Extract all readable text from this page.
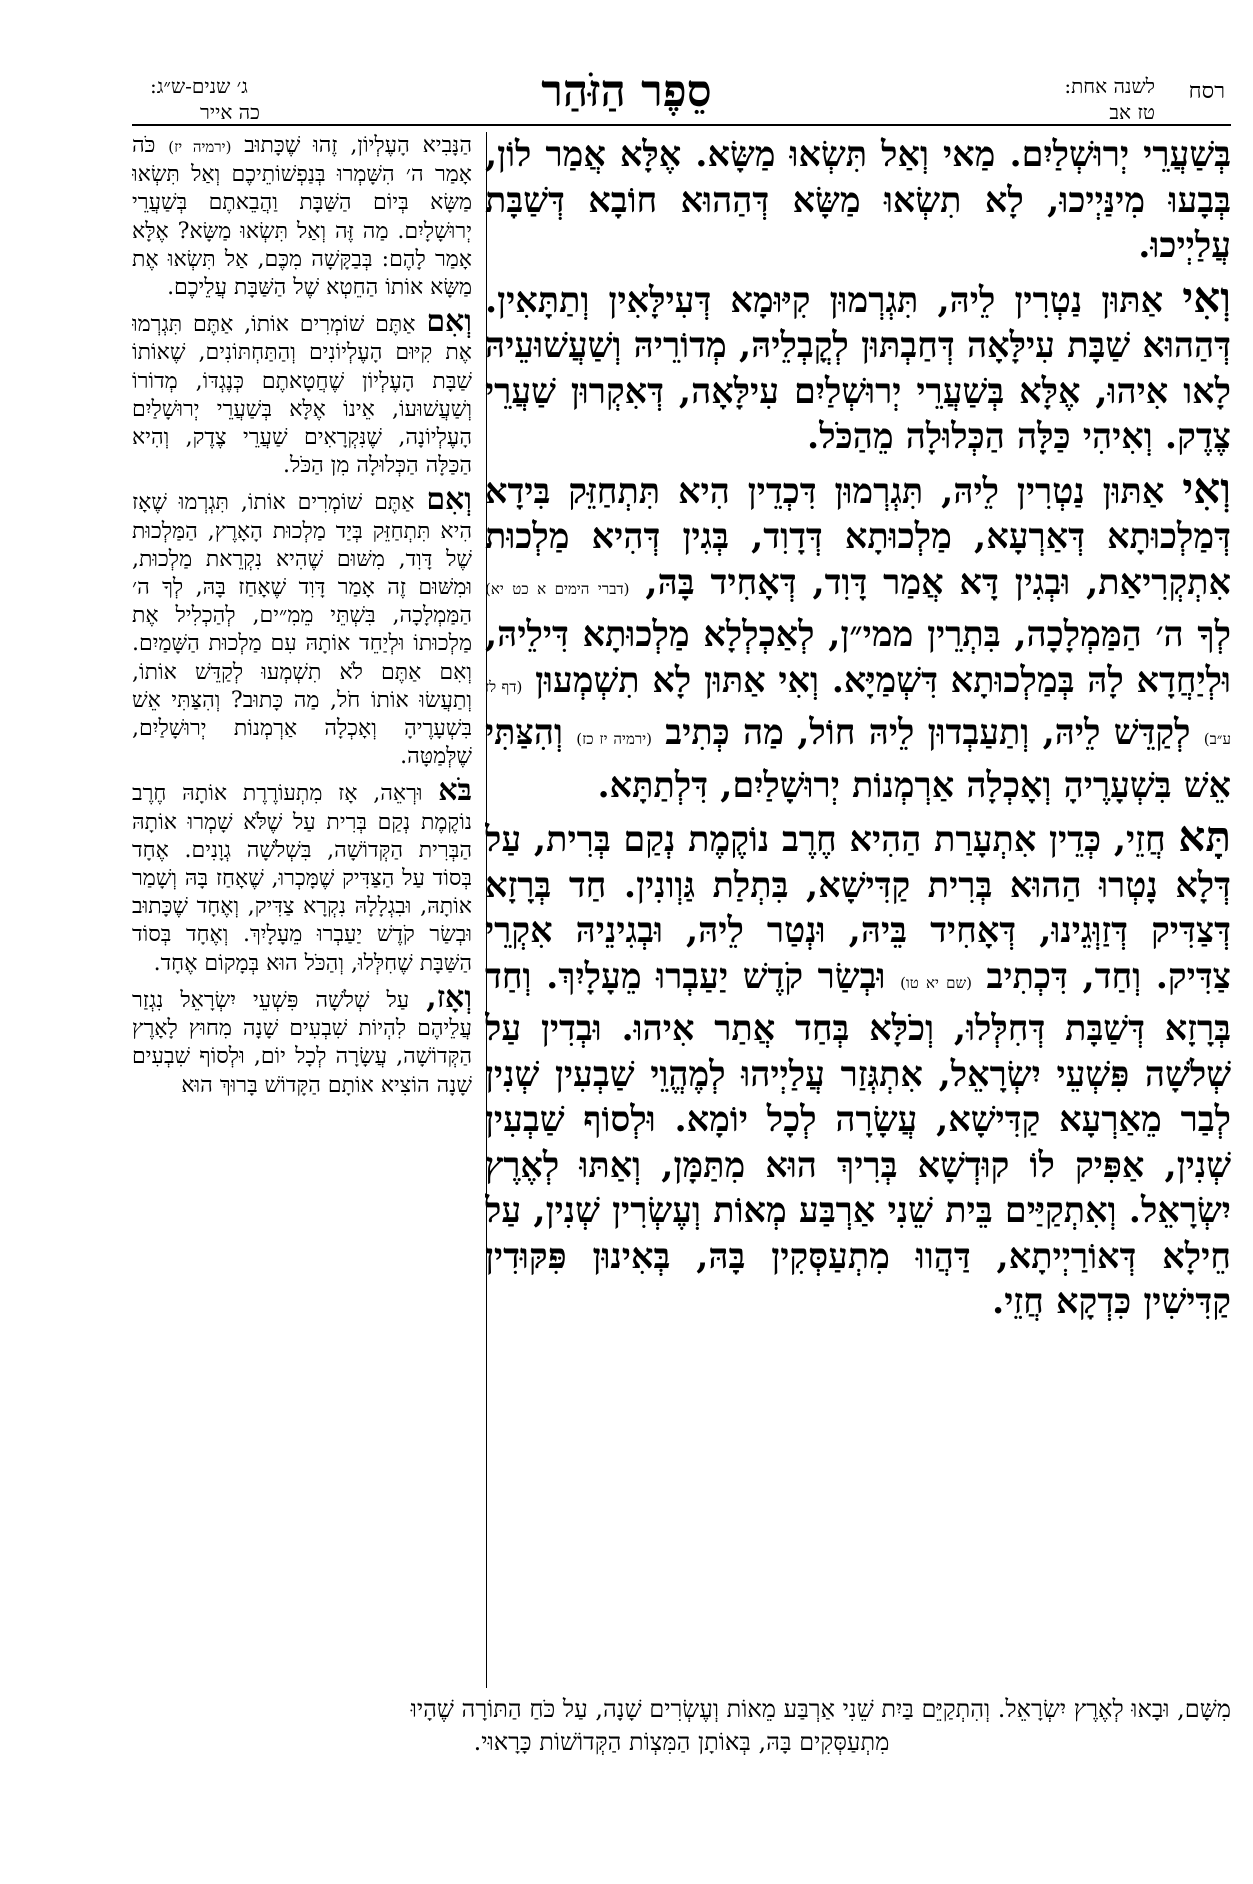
רסח
לשנה אחת:
טז אב
סֵפֶר הַזֹּהַר
ג׳ שנים-ש״ג:
כה אייר

בְּשַׁעֲרֵי יְרוּשְׁלַיִם. מַאי וְאַל תִּשְׂאוּ מַשָּׂא. אֶלָּא אֲמַר לוֹן, בְּבָעוּ מִינַּיְיכוּ, לָא תִשְׂאוּ מַשָּׂא דְּהַהוּא חוֹבָא דְּשַׁבָּת עֲלַיְיכוּ.

וְאִי אַתּוּן נַטְרִין לֵיהּ, תִּגְרְמוּן קִיּוּמָא דְּעִילָּאִין וְתַתָּאִין. דְּהַהוּא שַׁבָּת עִילָּאָה דְּחַבְתּוּן לְקֳבְלֵיהּ, מְדוֹרֵיהּ וְשַׁעֲשׁוּעֵיהּ לָאו אִיהוּ, אֶלָּא בְּשַׁעֲרֵי יְרוּשְׁלַיִם עִילָּאָה, דְּאִקְרוּן שַׁעֲרֵי צֶדֶק. וְאִיהִי כַּלָּה הַכְּלוּלָה מֵהַכֹּל.

וְאִי אַתּוּן נַטְרִין לֵיהּ, תִּגְרְמוּן דִּכְדֵין הִיא תִּתְחַזֵּק בִּידָא דְּמַלְכוּתָא דְּאַרְעָא, מַלְכוּתָא דְּדָוִד, בְּגִין דְּהִיא מַלְכוּת אִתְקְרִיאַת, וּבְגִין דָּא אֲמַר דָּוִד, דְּאָחִיד בָּהּ, (דברי הימים א כט יא) לְךָ ה׳ הַמַּמְלָכָה, בִּתְרֵין ממי״ן, לְאַכְלְלָא מַלְכוּתָא דִּילֵיהּ, וּלְיַחֲדָא לָהּ בְּמַלְכוּתָא דִּשְׁמַיָּא. וְאִי אַתּוּן לָא תִשְׁמְעוּן (דף לז ע״ב) לְקַדֵּשׁ לֵיהּ, וְתַעַבְדוּן לֵיהּ חוֹל, מַה כְּתִיב (ירמיה יז כז) וְהִצַּתִּי אֵשׁ בִּשְׁעָרֶיהָ וְאָכְלָה אַרְמְנוֹת יְרוּשָׁלַיִם, דִּלְתַתָּא.

תָּא חֲזֵי, כְּדֵין אִתְעָרַת הַהִיא חֶרֶב נוֹקֶמֶת נְקַם בְּרִית, עַל דְּלָא נָטְרוּ הַהוּא בְּרִית קַדִּישָׁא, בִּתְלַת גַּוְונִין. חַד בְּרָזָא דְּצַדִּיק דְּזַוְּגֵינוּ, דְּאָחִיד בֵּיהּ, וּנְטַר לֵיהּ, וּבְגִינֵיהּ אִקְרֵי צַדִּיק. וְחַד, דִּכְתִיב (שם יא טו) וּבְשַׂר קֹדֶשׁ יַעַבְרוּ מֵעָלָיִךְ. וְחַד בְּרָזָא דְּשַׁבָּת דְּחִלְּלוּ, וְכֹלָּא בְּחַד אֲתַר אִיהוּ. וּבְדִין עַל שְׁלֹשָׁה פִּשְׁעֵי יִשְׂרָאֵל, אִתְגְּזַר עֲלַיְיהוּ לְמֶהֱוֵי שַׁבְעִין שְׁנִין לְבַר מֵאַרְעָא קַדִּישָׁא, עֲשָׂרָה לְכָל יוֹמָא. וּלְסוֹף שַׁבְעִין שְׁנִין, אַפִּיק לוֹ קוּדְשָׁא בְּרִיךְ הוּא מִתַּמָּן, וְאַתּוּ לְאֶרֶץ יִשְׂרָאֵל. וְאִתְקַיַּים בֵּית שֵׁנִי אַרְבַּע מְאוֹת וְעֶשְׂרִין שְׁנִין, עַל חֵילָא דְּאוֹרַיְיתָא, דַּהֲווּ מִתְעַסְּקִין בָּהּ, בְּאִינוּן פִּקּוּדִין קַדִּישִׁין כִּדְקָא חֲזֵי.

הַנָּבִיא הָעֶלְיוֹן, זֶהוּ שֶׁכָּתוּב (ירמיה יז) כֹּה אָמַר ה׳ הִשָּׁמְרוּ בְּנַפְשׁוֹתֵיכֶם וְאַל תִּשְׂאוּ מַשָּׂא בְּיוֹם הַשַּׁבָּת וַהֲבֵאתֶם בְּשַׁעֲרֵי יְרוּשָׁלָיִם. מַה זֶּה וְאַל תִּשְׂאוּ מַשָּׂא? אֶלָּא אָמַר לָהֶם: בְּבַקָּשָׁה מִכֶּם, אַל תִּשְׂאוּ אֶת מַשָּׂא אוֹתוֹ הַחֵטְא שֶׁל הַשַּׁבָּת עֲלֵיכֶם.

וְאִם אַתֶּם שׁוֹמְרִים אוֹתוֹ, אַתֶּם תִּגְרְמוּ אֶת קִיּוּם הָעֶלְיוֹנִים וְהַתַּחְתּוֹנִים, שֶׁאוֹתוֹ שַׁבָּת הָעֶלְיוֹן שֶׁחֲטָאתֶם כְּנֶגְדּוֹ, מְדוֹרוֹ וְשַׁעֲשׁוּעוֹ, אֵינוֹ אֶלָּא בְּשַׁעֲרֵי יְרוּשָׁלַיִם הָעֶלְיוֹנָה, שֶׁנִּקְרָאִים שַׁעֲרֵי צֶדֶק, וְהִיא הַכַּלָּה הַכְּלוּלָה מִן הַכֹּל.

וְאִם אַתֶּם שׁוֹמְרִים אוֹתוֹ, תִּגְרְמוּ שֶׁאָז הִיא תִּתְחַזֵּק בְּיַד מַלְכוּת הָאָרֶץ, הַמַּלְכוּת שֶׁל דָּוִד, מִשּׁוּם שֶׁהִיא נִקְרֵאת מַלְכוּת, וּמִשּׁוּם זֶה אָמַר דָּוִד שֶׁאָחַז בָּהּ, לְךָ ה׳ הַמַּמְלָכָה, בִּשְׁתֵּי מֵמִ״ים, לְהַכְלִיל אֶת מַלְכוּתוֹ וּלְיַחֵד אוֹתָהּ עִם מַלְכוּת הַשָּׁמַיִם. וְאִם אַתֶּם לֹא תִשְׁמְעוּ לְקַדֵּשׁ אוֹתוֹ, וְתַעֲשׂוּ אוֹתוֹ חֹל, מַה כָּתוּב? וְהִצַּתִּי אֵשׁ בִּשְׁעָרֶיהָ וְאָכְלָה אַרְמְנוֹת יְרוּשָׁלַיִם, שֶׁלְּמַטָּה.

בֹּא וּרְאֵה, אָז מִתְעוֹרֶרֶת אוֹתָהּ חֶרֶב נוֹקֶמֶת נְקַם בְּרִית עַל שֶׁלֹּא שָׁמְרוּ אוֹתָהּ הַבְּרִית הַקְּדוֹשָׁה, בִּשְׁלֹשָׁה גְוָנִים. אֶחָד בְּסוֹד עַל הַצַּדִּיק שֶׁמָּכְרוּ, שֶׁאָחַז בָּהּ וְשָׁמַר אוֹתָהּ, וּבִגְלָלָהּ נִקְרָא צַדִּיק, וְאֶחָד שֶׁכָּתוּב וּבְשַׂר קֹדֶשׁ יַעַבְרוּ מֵעָלָיִךְ. וְאֶחָד בְּסוֹד הַשַּׁבָּת שֶׁחִלְּלוּ, וְהַכֹּל הוּא בְּמָקוֹם אֶחָד.

וְאָז, עַל שְׁלֹשָׁה פִּשְׁעֵי יִשְׂרָאֵל נִגְזַר עֲלֵיהֶם לִהְיוֹת שִׁבְעִים שָׁנָה מִחוּץ לָאָרֶץ הַקְּדוֹשָׁה, עֲשָׂרָה לְכָל יוֹם, וּלְסוֹף שִׁבְעִים שָׁנָה הוֹצִיא אוֹתָם הַקָּדוֹשׁ בָּרוּךְ הוּא

מִשָּׁם, וּבָאוּ לְאֶרֶץ יִשְׂרָאֵל. וְהִתְקַיֵּם בַּיִת שֵׁנִי אַרְבַּע מֵאוֹת וְעֶשְׂרִים שָׁנָה, עַל כֹּחַ הַתּוֹרָה שֶׁהָיוּ
מִתְעַסְּקִים בָּהּ, בְּאוֹתָן הַמִּצְוֹת הַקְּדוֹשׁוֹת כָּרָאוּי.
